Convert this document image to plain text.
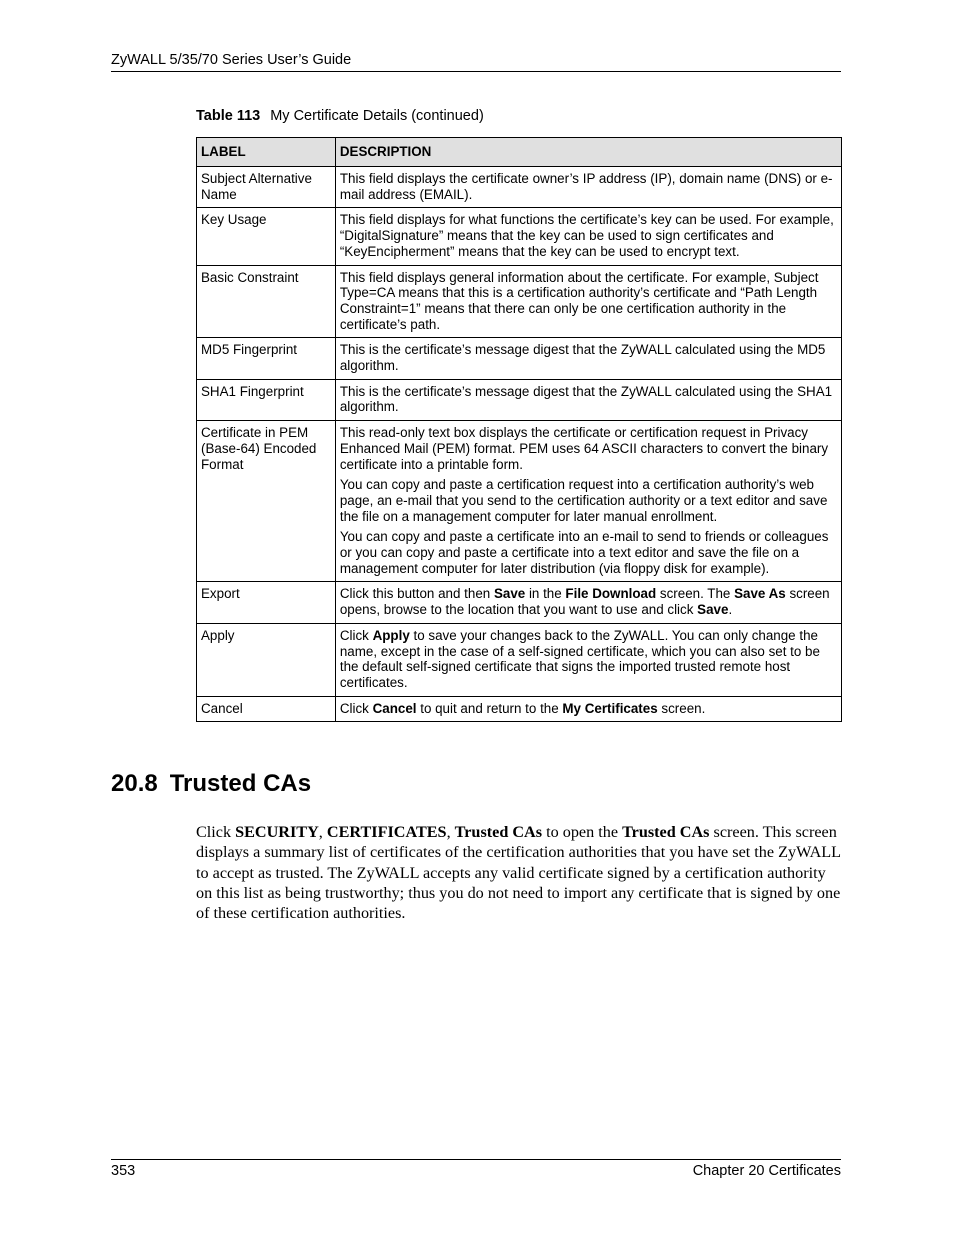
ZyWALL 5/35/70 Series User’s Guide
Table 113 My Certificate Details (continued)
LABEL	DESCRIPTION
Subject Alternative Name	This field displays the certificate owner’s IP address (IP), domain name (DNS) or e-mail address (EMAIL).

Key Usage	This field displays for what functions the certificate’s key can be used. For example, “DigitalSignature” means that the key can be used to sign certificates and “KeyEncipherment” means that the key can be used to encrypt text.

Basic Constraint	This field displays general information about the certificate. For example, Subject Type=CA means that this is a certification authority’s certificate and “Path Length Constraint=1” means that there can only be one certification authority in the certificate’s path.

MD5 Fingerprint	This is the certificate’s message digest that the ZyWALL calculated using the MD5 algorithm.

SHA1 Fingerprint	This is the certificate’s message digest that the ZyWALL calculated using the SHA1 algorithm.

Certificate in PEM (Base-64) Encoded Format	This read-only text box displays the certificate or certification request in Privacy Enhanced Mail (PEM) format. PEM uses 64 ASCII characters to convert the binary certificate into a printable form.

You can copy and paste a certification request into a certification authority’s web page, an e-mail that you send to the certification authority or a text editor and save the file on a management computer for later manual enrollment.

You can copy and paste a certificate into an e-mail to send to friends or colleagues or you can copy and paste a certificate into a text editor and save the file on a management computer for later distribution (via floppy disk for example).

Export	Click this button and then Save in the File Download screen. The Save As screen opens, browse to the location that you want to use and click Save.

Apply	Click Apply to save your changes back to the ZyWALL. You can only change the name, except in the case of a self-signed certificate, which you can also set to be the default self-signed certificate that signs the imported trusted remote host certificates.

Cancel	Click Cancel to quit and return to the My Certificates screen.

20.8 Trusted CAs

Click SECURITY, CERTIFICATES, Trusted CAs to open the Trusted CAs screen. This screen displays a summary list of certificates of the certification authorities that you have set the ZyWALL to accept as trusted. The ZyWALL accepts any valid certificate signed by a certification authority on this list as being trustworthy; thus you do not need to import any certificate that is signed by one of these certification authorities.

353	Chapter 20 Certificates
